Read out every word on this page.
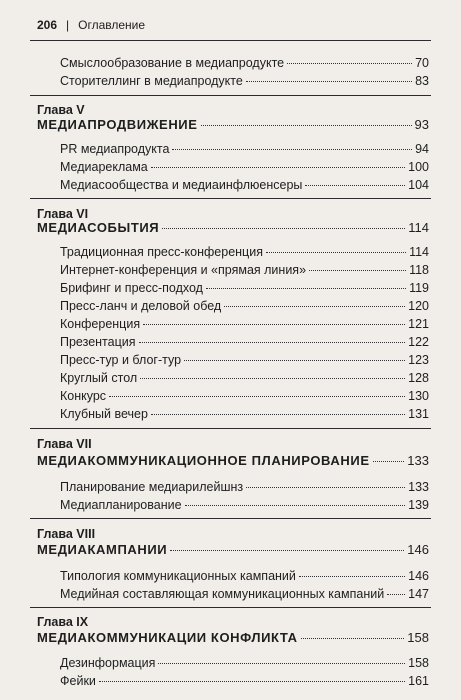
206 | Оглавление
Смыслообразование в медиапродукте	70
Сторителлинг в медиапродукте	83
Глава V
МЕДИАПРОДВИЖЕНИЕ	93
PR медиапродукта	94
Медиареклама	100
Медиасообщества и медиаинфлюенсеры	104
Глава VI
МЕДИАСОБЫТИЯ	114
Традиционная пресс-конференция	114
Интернет-конференция и «прямая линия»	118
Брифинг и пресс-подход	119
Пресс-ланч и деловой обед	120
Конференция	121
Презентация	122
Пресс-тур и блог-тур	123
Круглый стол	128
Конкурс	130
Клубный вечер	131
Глава VII
МЕДИАКОММУНИКАЦИОННОЕ ПЛАНИРОВАНИЕ	133
Планирование медиарилейшнз	133
Медиапланирование	139
Глава VIII
МЕДИАКАМПАНИИ	146
Типология коммуникационных кампаний	146
Медийная составляющая коммуникационных кампаний 147
Глава IX
МЕДИАКОММУНИКАЦИИ КОНФЛИКТА	158
Дезинформация	158
Фейки	161
